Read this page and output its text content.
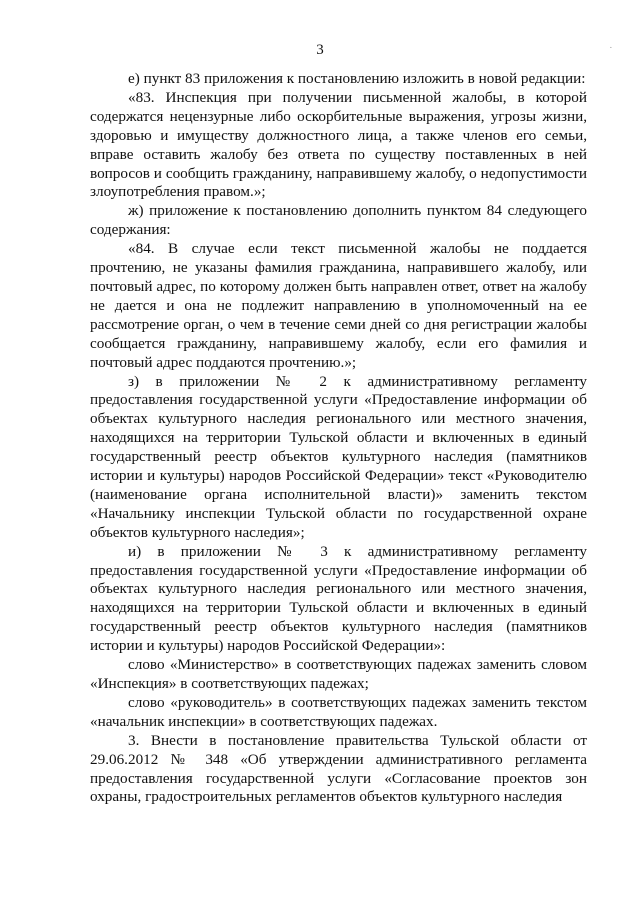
3	.

е) пункт 83 приложения к постановлению изложить в новой редакции:

«83. Инспекция при получении письменной жалобы, в которой содержатся нецензурные либо оскорбительные выражения, угрозы жизни, здоровью и имуществу должностного лица, а также членов его семьи, вправе оставить жалобу без ответа по существу поставленных в ней вопросов и сообщить гражданину, направившему жалобу, о недопустимости злоупотребления правом.»;

ж) приложение к постановлению дополнить пунктом 84 следующего содержания:

«84. В случае если текст письменной жалобы не поддается прочтению, не указаны фамилия гражданина, направившего жалобу, или почтовый адрес, по которому должен быть направлен ответ, ответ на жалобу не дается и она не подлежит направлению в уполномоченный на ее рассмотрение орган, о чем в течение семи дней со дня регистрации жалобы сообщается гражданину, направившему жалобу, если его фамилия и почтовый адрес поддаются прочтению.»;

з) в приложении № 2 к административному регламенту предоставления государственной услуги «Предоставление информации об объектах культурного наследия регионального или местного значения, находящихся на территории Тульской области и включенных в единый государственный реестр объектов культурного наследия (памятников истории и культуры) народов Российской Федерации» текст «Руководителю (наименование органа исполнительной власти)» заменить текстом «Начальнику инспекции Тульской области по государственной охране объектов культурного наследия»;

и) в приложении № 3 к административному регламенту предоставления государственной услуги «Предоставление информации об объектах культурного наследия регионального или местного значения, находящихся на территории Тульской области и включенных в единый государственный реестр объектов культурного наследия (памятников истории и культуры) народов Российской Федерации»:

слово «Министерство» в соответствующих падежах заменить словом «Инспекция» в соответствующих падежах;

слово «руководитель» в соответствующих падежах заменить текстом «начальник инспекции» в соответствующих падежах.

3. Внести в постановление правительства Тульской области от 29.06.2012 № 348 «Об утверждении административного регламента предоставления государственной услуги «Согласование проектов зон охраны, градостроительных регламентов объектов культурного наследия
